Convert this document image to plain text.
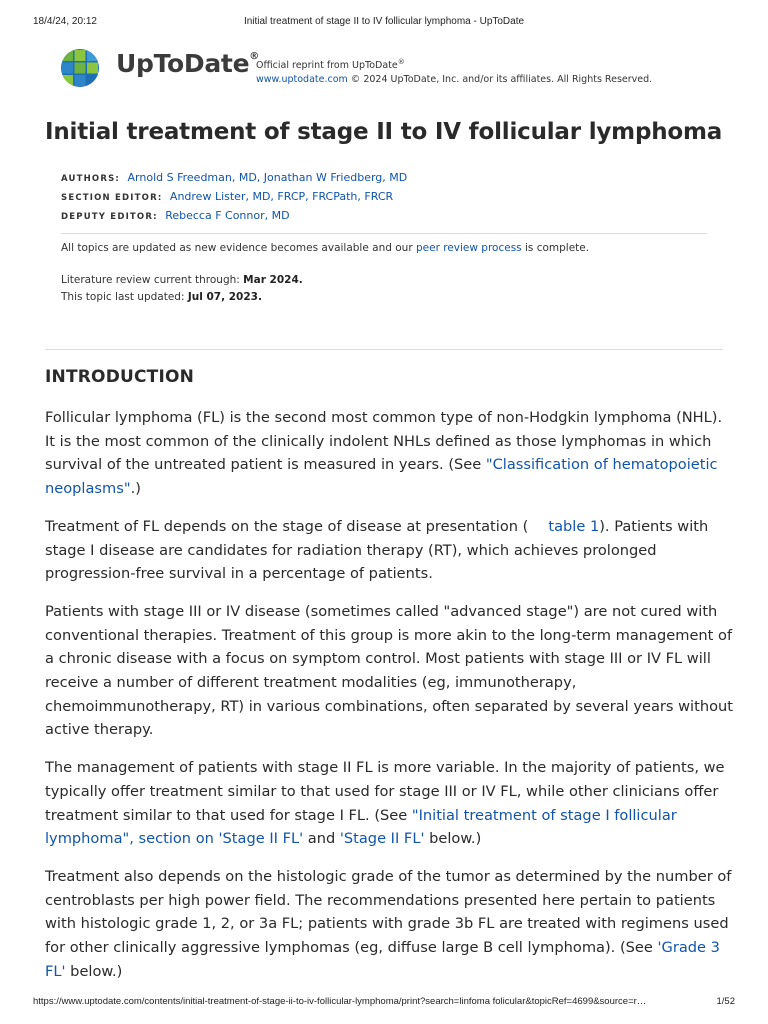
18/4/24, 20:12	Initial treatment of stage II to IV follicular lymphoma - UpToDate
UpToDate®
Official reprint from UpToDate®
www.uptodate.com © 2024 UpToDate, Inc. and/or its affiliates. All Rights Reserved.
Initial treatment of stage II to IV follicular lymphoma
AUTHORS: Arnold S Freedman, MD, Jonathan W Friedberg, MD
SECTION EDITOR: Andrew Lister, MD, FRCP, FRCPath, FRCR
DEPUTY EDITOR: Rebecca F Connor, MD
All topics are updated as new evidence becomes available and our peer review process is complete.
Literature review current through: Mar 2024.
This topic last updated: Jul 07, 2023.
INTRODUCTION

Follicular lymphoma (FL) is the second most common type of non-Hodgkin lymphoma (NHL). It is the most common of the clinically indolent NHLs defined as those lymphomas in which survival of the untreated patient is measured in years. (See "Classification of hematopoietic neoplasms".)

Treatment of FL depends on the stage of disease at presentation ( table 1). Patients with stage I disease are candidates for radiation therapy (RT), which achieves prolonged progression-free survival in a percentage of patients.

Patients with stage III or IV disease (sometimes called "advanced stage") are not cured with conventional therapies. Treatment of this group is more akin to the long-term management of a chronic disease with a focus on symptom control. Most patients with stage III or IV FL will receive a number of different treatment modalities (eg, immunotherapy, chemoimmunotherapy, RT) in various combinations, often separated by several years without active therapy.

The management of patients with stage II FL is more variable. In the majority of patients, we typically offer treatment similar to that used for stage III or IV FL, while other clinicians offer treatment similar to that used for stage I FL. (See "Initial treatment of stage I follicular lymphoma", section on 'Stage II FL' and 'Stage II FL' below.)

Treatment also depends on the histologic grade of the tumor as determined by the number of centroblasts per high power field. The recommendations presented here pertain to patients with histologic grade 1, 2, or 3a FL; patients with grade 3b FL are treated with regimens used for other clinically aggressive lymphomas (eg, diffuse large B cell lymphoma). (See 'Grade 3 FL' below.)

https://www.uptodate.com/contents/initial-treatment-of-stage-ii-to-iv-follicular-lymphoma/print?search=linfoma folicular&topicRef=4699&source=r…	1/52
